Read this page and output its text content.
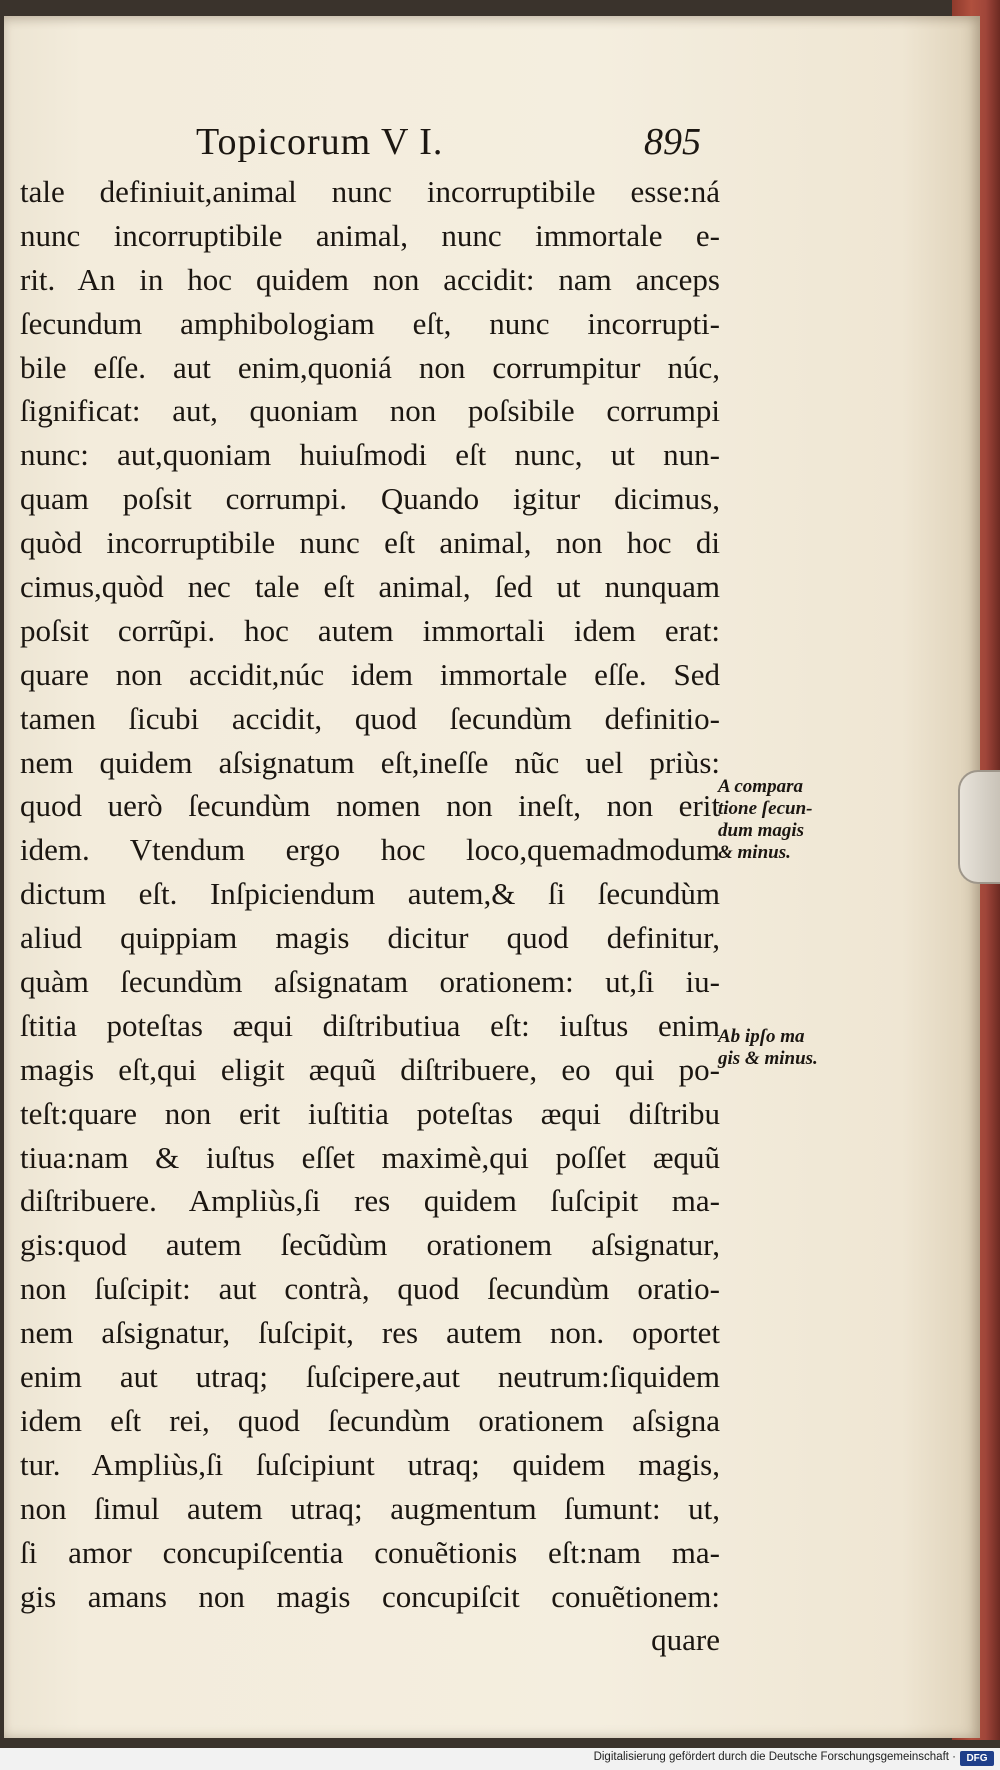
Topicorum V I.	895
tale definiuit,animal nunc incorruptibile esse:ná
nunc incorruptibile animal, nunc immortale e-
rit. An in hoc quidem non accidit: nam anceps
ſecundum amphibologiam eſt, nunc incorrupti-
bile eſſe. aut enim,quoniá non corrumpitur núc,
ſignificat: aut, quoniam non poſsibile corrumpi
nunc: aut,quoniam huiuſmodi eſt nunc, ut nun-
quam poſsit corrumpi. Quando igitur dicimus,
quòd incorruptibile nunc eſt animal, non hoc di
cimus,quòd nec tale eſt animal, ſed ut nunquam
poſsit corrũpi. hoc autem immortali idem erat:
quare non accidit,núc idem immortale eſſe. Sed
tamen ſicubi accidit, quod ſecundùm definitio-
nem quidem aſsignatum eſt,ineſſe nũc uel priùs:
quod uerò ſecundùm nomen non ineſt, non erit
idem. Vtendum ergo hoc loco,quemadmodum
dictum eſt. Inſpiciendum autem,& ſi ſecundùm
aliud quippiam magis dicitur quod definitur,
quàm ſecundùm aſsignatam orationem: ut,ſi iu-
ſtitia poteſtas æqui diſtributiua eſt: iuſtus enim
magis eſt,qui eligit æquũ diſtribuere, eo qui po-
teſt:quare non erit iuſtitia poteſtas æqui diſtribu
tiua:nam & iuſtus eſſet maximè,qui poſſet æquũ
diſtribuere. Ampliùs,ſi res quidem ſuſcipit ma-
gis:quod autem ſecũdùm orationem aſsignatur,
non ſuſcipit: aut contrà, quod ſecundùm oratio-
nem aſsignatur, ſuſcipit, res autem non. oportet
enim aut utraq; ſuſcipere,aut neutrum:ſiquidem
idem eſt rei, quod ſecundùm orationem aſsigna
tur. Ampliùs,ſi ſuſcipiunt utraq; quidem magis,
non ſimul autem utraq; augmentum ſumunt: ut,
ſi amor concupiſcentia conuẽtionis eſt:nam ma-
gis amans non magis concupiſcit conuẽtionem:
quare
A compara
tione ſecun-
dum magis
& minus.
Ab ipſo ma
gis & minus.
Digitalisierung gefördert durch die Deutsche Forschungsgemeinschaft ·	DFG
